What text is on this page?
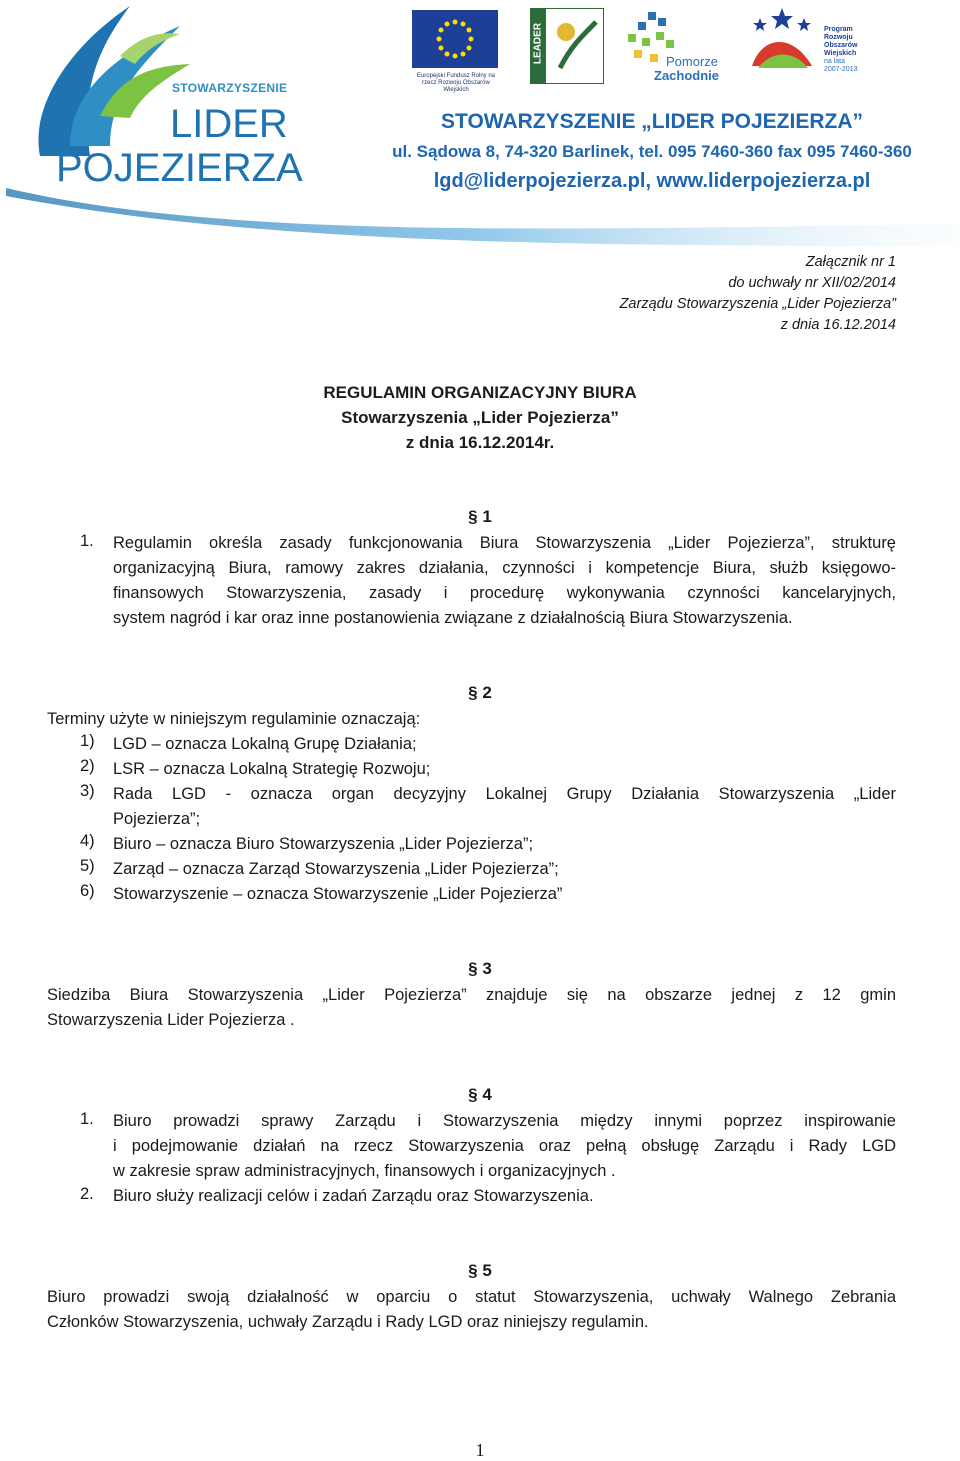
STOWARZYSZENIE
LIDER
POJEZIERZA
Europejski Fundusz Rolny na rzecz Rozwoju Obszarów Wiejskich
LEADER	Pomorze
Zachodnie
Program
Rozwoju
Obszarów
Wiejskich
na lata 2007-2013
STOWARZYSZENIE „LIDER POJEZIERZA”
ul. Sądowa 8, 74-320 Barlinek, tel. 095 7460-360 fax 095 7460-360
lgd@liderpojezierza.pl, www.liderpojezierza.pl
Załącznik nr 1
do uchwały nr XII/02/2014
Zarządu Stowarzyszenia „Lider Pojezierza”
z dnia 16.12.2014
REGULAMIN ORGANIZACYJNY BIURA
Stowarzyszenia „Lider Pojezierza”
z dnia 16.12.2014r.
§ 1
1. Regulamin określa zasady funkcjonowania Biura Stowarzyszenia „Lider Pojezierza”, strukturę
organizacyjną Biura, ramowy zakres działania, czynności i kompetencje Biura, służb księgowo-
finansowych Stowarzyszenia, zasady i procedurę wykonywania czynności kancelaryjnych,
system nagród i kar oraz inne postanowienia związane z działalnością Biura Stowarzyszenia.
§ 2
Terminy użyte w niniejszym regulaminie oznaczają:
1) LGD – oznacza Lokalną Grupę Działania;
2) LSR – oznacza Lokalną Strategię Rozwoju;
3) Rada LGD - oznacza organ decyzyjny Lokalnej Grupy Działania Stowarzyszenia „Lider
Pojezierza”;
4) Biuro – oznacza Biuro Stowarzyszenia „Lider Pojezierza”;
5) Zarząd – oznacza Zarząd Stowarzyszenia „Lider Pojezierza”;
6) Stowarzyszenie – oznacza Stowarzyszenie „Lider Pojezierza”
§ 3
Siedziba Biura Stowarzyszenia „Lider Pojezierza” znajduje się na obszarze jednej z 12 gmin
Stowarzyszenia Lider Pojezierza .
§ 4
1. Biuro prowadzi sprawy Zarządu i Stowarzyszenia między innymi poprzez inspirowanie
i podejmowanie działań na rzecz Stowarzyszenia oraz pełną obsługę Zarządu i Rady LGD
w zakresie spraw administracyjnych, finansowych i organizacyjnych .
2. Biuro służy realizacji celów i zadań Zarządu oraz Stowarzyszenia.
§ 5
Biuro prowadzi swoją działalność w oparciu o statut Stowarzyszenia, uchwały Walnego Zebrania
Członków Stowarzyszenia, uchwały Zarządu i Rady LGD oraz niniejszy regulamin.
1
